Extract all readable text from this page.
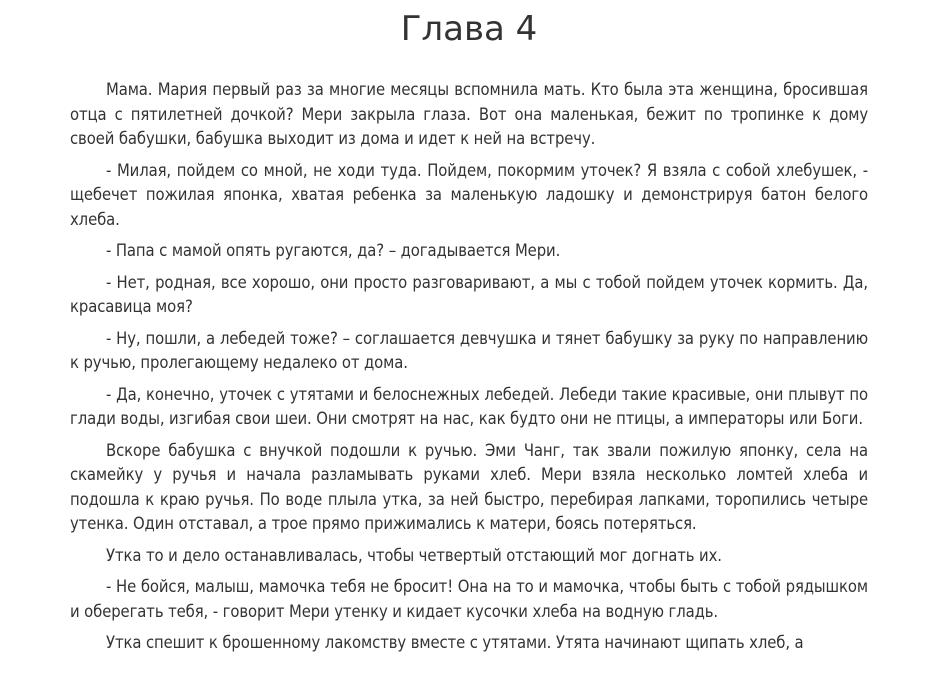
Глава 4

Мама. Мария первый раз за многие месяцы вспомнила мать. Кто была эта женщина, бросившая отца с пятилетней дочкой? Мери закрыла глаза. Вот она маленькая, бежит по тропинке к дому своей бабушки, бабушка выходит из дома и идет к ней на встречу.

- Милая, пойдем со мной, не ходи туда. Пойдем, покормим уточек? Я взяла с собой хлебушек, - щебечет пожилая японка, хватая ребенка за маленькую ладошку и демонстрируя батон белого хлеба.

- Папа с мамой опять ругаются, да? – догадывается Мери.

- Нет, родная, все хорошо, они просто разговаривают, а мы с тобой пойдем уточек кормить. Да, красавица моя?

- Ну, пошли, а лебедей тоже? – соглашается девчушка и тянет бабушку за руку по направлению к ручью, пролегающему недалеко от дома.

- Да, конечно, уточек с утятами и белоснежных лебедей. Лебеди такие красивые, они плывут по глади воды, изгибая свои шеи. Они смотрят на нас, как будто они не птицы, а императоры или Боги.

Вскоре бабушка с внучкой подошли к ручью. Эми Чанг, так звали пожилую японку, села на скамейку у ручья и начала разламывать руками хлеб. Мери взяла несколько ломтей хлеба и подошла к краю ручья. По воде плыла утка, за ней быстро, перебирая лапками, торопились четыре утенка. Один отставал, а трое прямо прижимались к матери, боясь потеряться.

Утка то и дело останавливалась, чтобы четвертый отстающий мог догнать их.

- Не бойся, малыш, мамочка тебя не бросит! Она на то и мамочка, чтобы быть с тобой рядышком и оберегать тебя, - говорит Мери утенку и кидает кусочки хлеба на водную гладь.

Утка спешит к брошенному лакомству вместе с утятами. Утята начинают щипать хлеб, а
